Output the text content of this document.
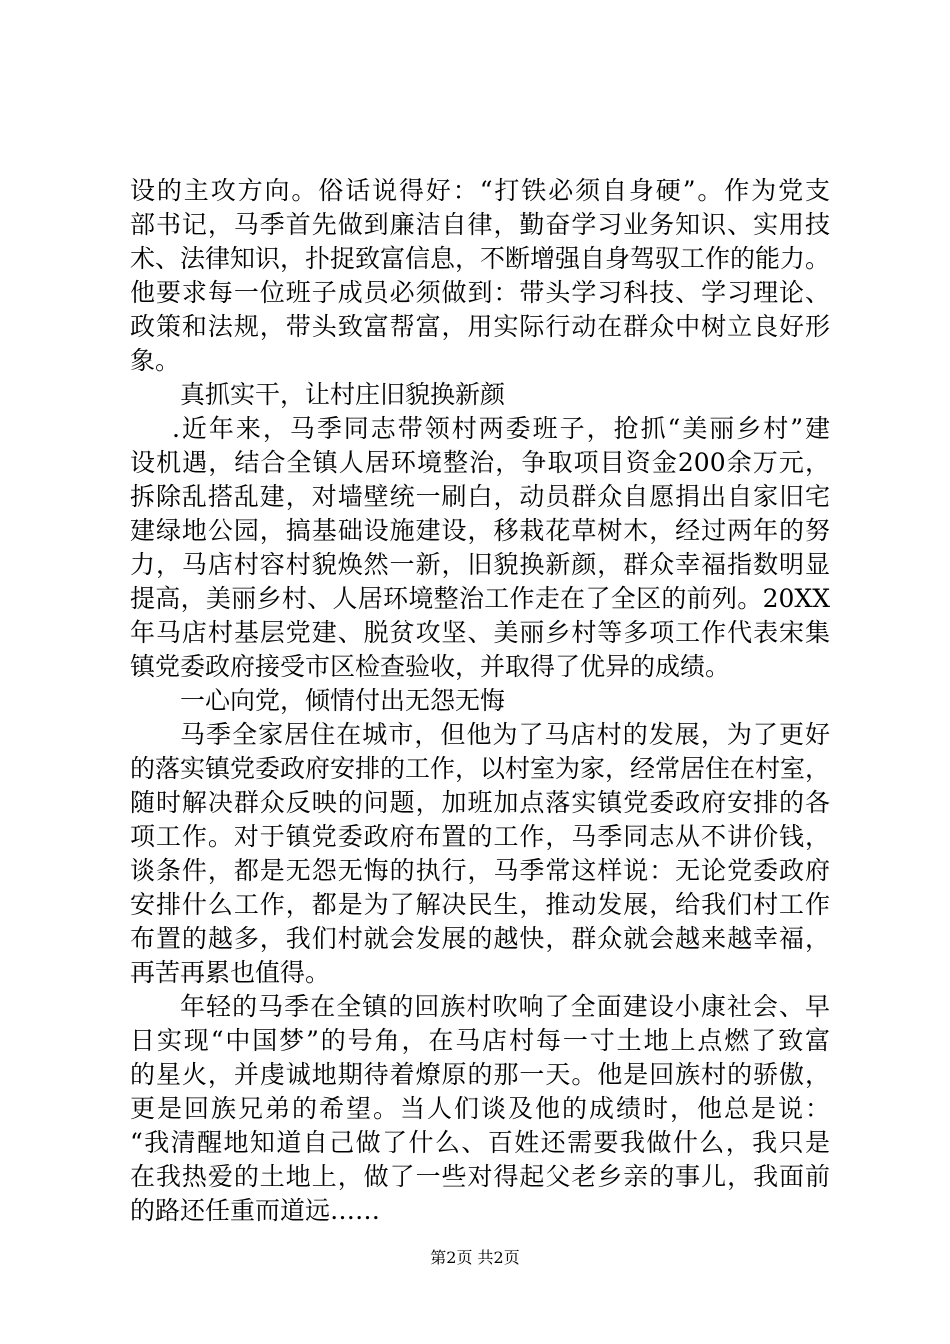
设的主攻方向。俗话说得好：“打铁必须自身硬”。作为党支
部书记，马季首先做到廉洁自律，勤奋学习业务知识、实用技
术、法律知识，扑捉致富信息，不断增强自身驾驭工作的能力。
他要求每一位班子成员必须做到：带头学习科技、学习理论、
政策和法规，带头致富帮富，用实际行动在群众中树立良好形
象。
真抓实干，让村庄旧貌换新颜
.近年来，马季同志带领村两委班子，抢抓“美丽乡村”建
设机遇，结合全镇人居环境整治，争取项目资金200余万元，
拆除乱搭乱建，对墙壁统一刷白，动员群众自愿捐出自家旧宅
建绿地公园，搞基础设施建设，移栽花草树木，经过两年的努
力，马店村容村貌焕然一新，旧貌换新颜，群众幸福指数明显
提高，美丽乡村、人居环境整治工作走在了全区的前列。20XX
年马店村基层党建、脱贫攻坚、美丽乡村等多项工作代表宋集
镇党委政府接受市区检查验收，并取得了优异的成绩。
一心向党，倾情付出无怨无悔
马季全家居住在城市，但他为了马店村的发展，为了更好
的落实镇党委政府安排的工作，以村室为家，经常居住在村室，
随时解决群众反映的问题，加班加点落实镇党委政府安排的各
项工作。对于镇党委政府布置的工作，马季同志从不讲价钱，
谈条件，都是无怨无悔的执行，马季常这样说：无论党委政府
安排什么工作，都是为了解决民生，推动发展，给我们村工作
布置的越多，我们村就会发展的越快，群众就会越来越幸福，
再苦再累也值得。
年轻的马季在全镇的回族村吹响了全面建设小康社会、早
日实现“中国梦”的号角，在马店村每一寸土地上点燃了致富
的星火，并虔诚地期待着燎原的那一天。他是回族村的骄傲，
更是回族兄弟的希望。当人们谈及他的成绩时，他总是说：
“我清醒地知道自己做了什么、百姓还需要我做什么，我只是
在我热爱的土地上，做了一些对得起父老乡亲的事儿，我面前
的路还任重而道远……
第2页 共2页
